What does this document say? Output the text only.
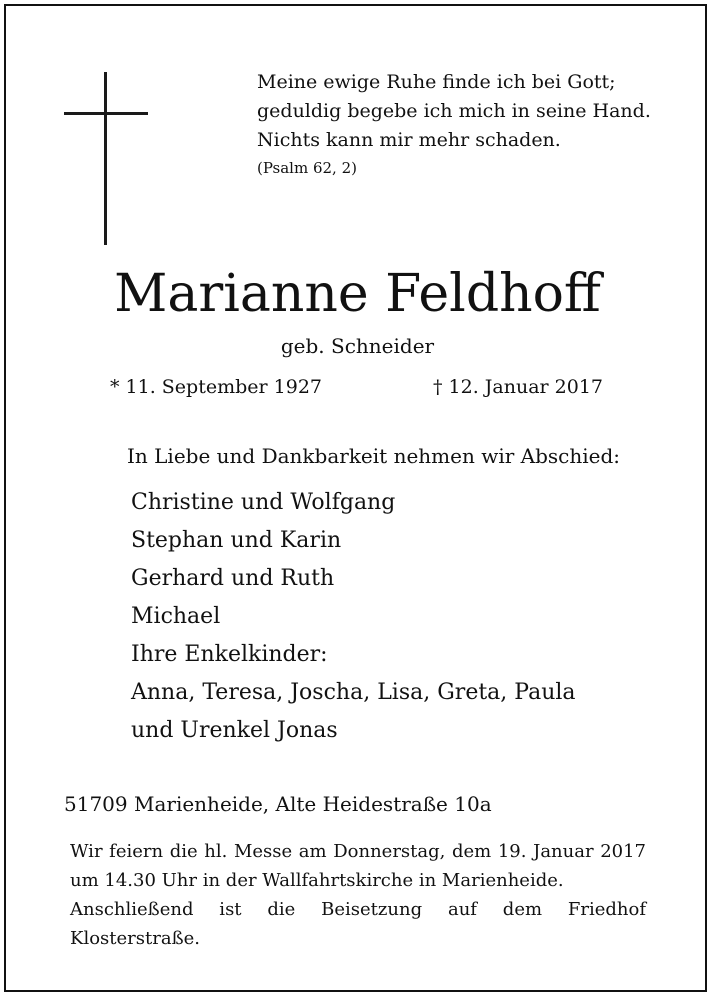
Meine ewige Ruhe finde ich bei Gott;
geduldig begebe ich mich in seine Hand.
Nichts kann mir mehr schaden.
(Psalm 62, 2)
Marianne Feldhoff
geb. Schneider
* 11. September 1927	† 12. Januar 2017
In Liebe und Dankbarkeit nehmen wir Abschied:
Christine und Wolfgang
Stephan und Karin
Gerhard und Ruth
Michael
Ihre Enkelkinder:
Anna, Teresa, Joscha, Lisa, Greta, Paula
und Urenkel Jonas
51709 Marienheide, Alte Heidestraße 10a

Wir feiern die hl. Messe am Donnerstag, dem 19. Januar 2017

um 14.30 Uhr in der Wallfahrtskirche in Marienheide.

Anschließend ist die Beisetzung auf dem Friedhof

Klosterstraße.
